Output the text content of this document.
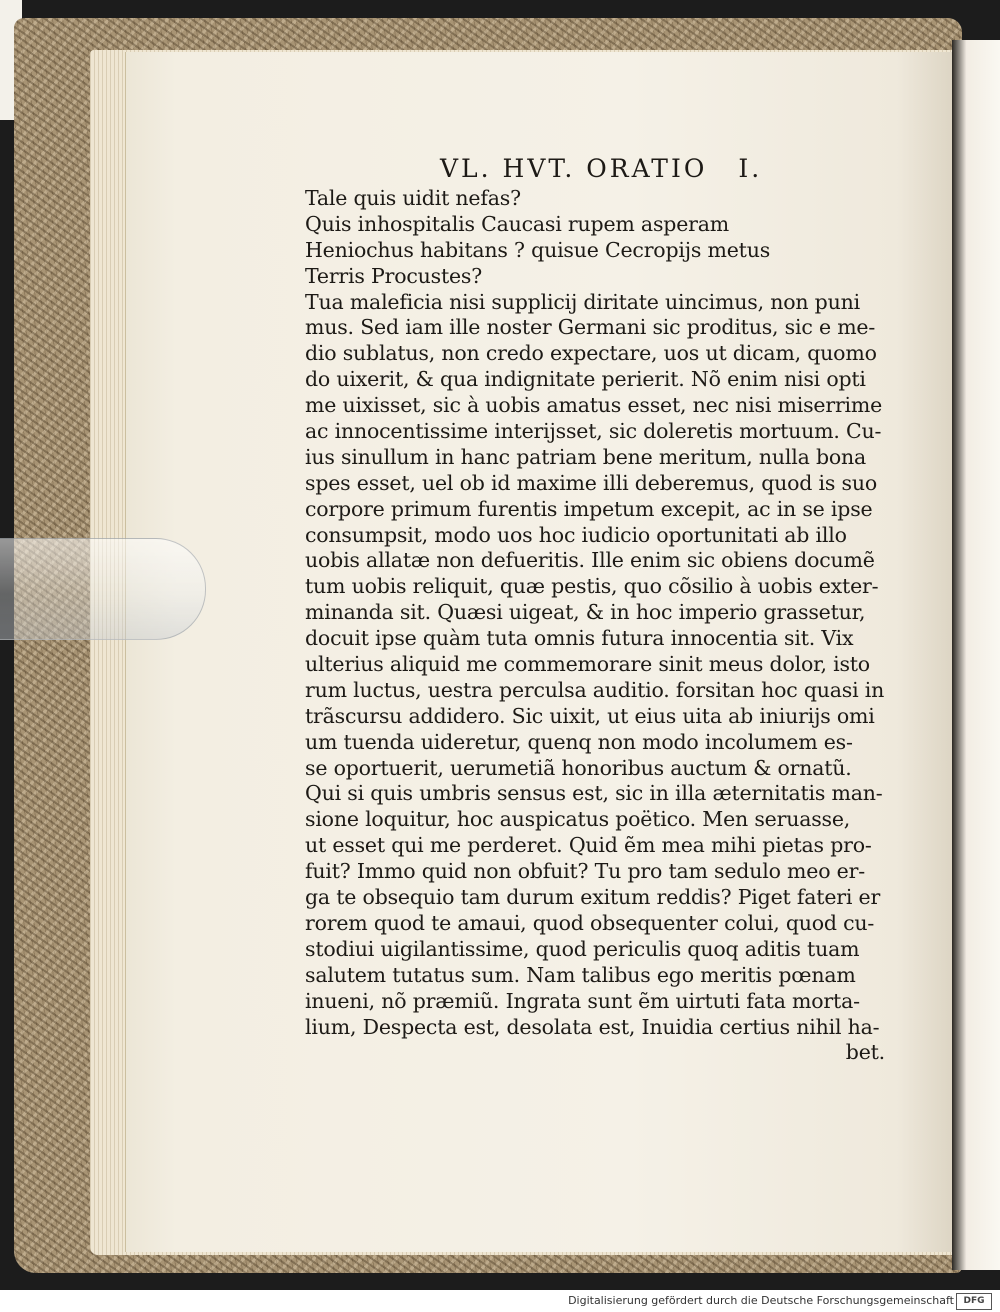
VL. HVT. ORATIO I.
Tale quis uidit nefas?
Quis inhospitalis Caucasi rupem asperam
Heniochus habitans ? quisue Cecropijs metus
Terris Procustes?
Tua maleficia nisi supplicij diritate uincimus, non puni
mus. Sed iam ille noster Germani sic proditus, sic e me-
dio sublatus, non credo expectare, uos ut dicam, quomo
do uixerit, & qua indignitate perierit. Nõ enim nisi opti
me uixisset, sic à uobis amatus esset, nec nisi miserrime
ac innocentissime interijsset, sic doleretis mortuum. Cu-
ius sinullum in hanc patriam bene meritum, nulla bona
spes esset, uel ob id maxime illi deberemus, quod is suo
corpore primum furentis impetum excepit, ac in se ipse
consumpsit, modo uos hoc iudicio oportunitati ab illo
uobis allatæ non defueritis. Ille enim sic obiens documẽ
tum uobis reliquit, quæ pestis, quo cõsilio à uobis exter-
minanda sit. Quæsi uigeat, & in hoc imperio grassetur,
docuit ipse quàm tuta omnis futura innocentia sit. Vix
ulterius aliquid me commemorare sinit meus dolor, isto
rum luctus, uestra perculsa auditio. forsitan hoc quasi in
trãscursu addidero. Sic uixit, ut eius uita ab iniurijs omi
um tuenda uideretur, quenq non modo incolumem es-
se oportuerit, uerumetiã honoribus auctum & ornatũ.
Qui si quis umbris sensus est, sic in illa æternitatis man-
sione loquitur, hoc auspicatus poëtico. Men seruasse,
ut esset qui me perderet. Quid ẽm mea mihi pietas pro-
fuit? Immo quid non obfuit? Tu pro tam sedulo meo er-
ga te obsequio tam durum exitum reddis? Piget fateri er
rorem quod te amaui, quod obsequenter colui, quod cu-
stodiui uigilantissime, quod periculis quoq aditis tuam
salutem tutatus sum. Nam talibus ego meritis pœnam
inueni, nõ præmiũ. Ingrata sunt ẽm uirtuti fata morta-
lium, Despecta est, desolata est, Inuidia certius nihil ha-
bet.
Digitalisierung gefördert durch die Deutsche Forschungsgemeinschaft	DFG
